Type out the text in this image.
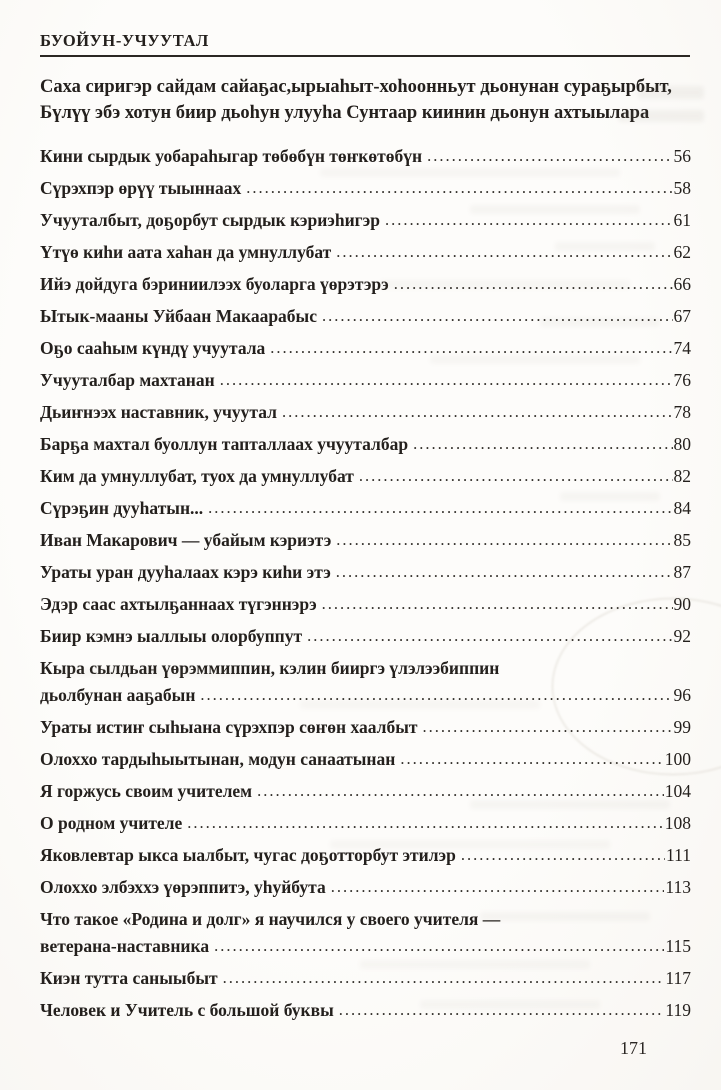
БУОЙУН-УЧУУТАЛ

Саха сиригэр сайдам сайаҕас,ырыаһыт-хоһоонньут дьонунан сураҕырбыт,
Бүлүү эбэ хотун биир дьоһун улууһа Сунтаар киинин дьонун ахтыылара

Кини сырдык уобараһыгар төбөбүн төҥкөтөбүн .....	56
Сүрэхпэр өрүү тыыннаах .....	58
Учууталбыт, доҕорбут сырдык кэриэһигэр .....	61
Үтүө киһи аата хаһан да умнуллубат .....	62
Ийэ дойдуга бэриниилээх буоларга үөрэтэрэ .....	66
Ытык-мааны Уйбаан Макаарабыс .....	67
Оҕо сааһым күндү учуутала .....	74
Учууталбар махтанан .....	76
Дьиҥнээх наставник, учуутал .....	78
Барҕа махтал буоллун тапталлаах учууталбар .....	80
Ким да умнуллубат, туох да умнуллубат .....	82
Сүрэҕин дууһатын... .....	84
Иван Макарович — убайым кэриэтэ .....	85
Ураты уран дууһалаах кэрэ киһи этэ .....	87
Эдэр саас ахтылҕаннаах түгэннэрэ .....	90
Биир кэмнэ ыаллыы олорбуппут .....	92
Кыра сылдьан үөрэммиппин, кэлин бииргэ үлэлээбиппин
дьолбунан ааҕабын .....	96
Ураты истиҥ сыһыана сүрэхпэр сөҥөн хаалбыт .....	99
Олоххо тардыһыытынан, модун санаатынан .....	100
Я горжусь своим учителем .....	104
О родном учителе .....	108
Яковлевтар ыкса ыалбыт, чугас доҕотторбут этилэр .....	111
Олоххо элбэххэ үөрэппитэ, уһуйбута .....	113
Что такое «Родина и долг» я научился у своего учителя —
ветерана-наставника .....	115
Киэн тутта саныыбыт .....	117
Человек и Учитель с большой буквы .....	119
171
